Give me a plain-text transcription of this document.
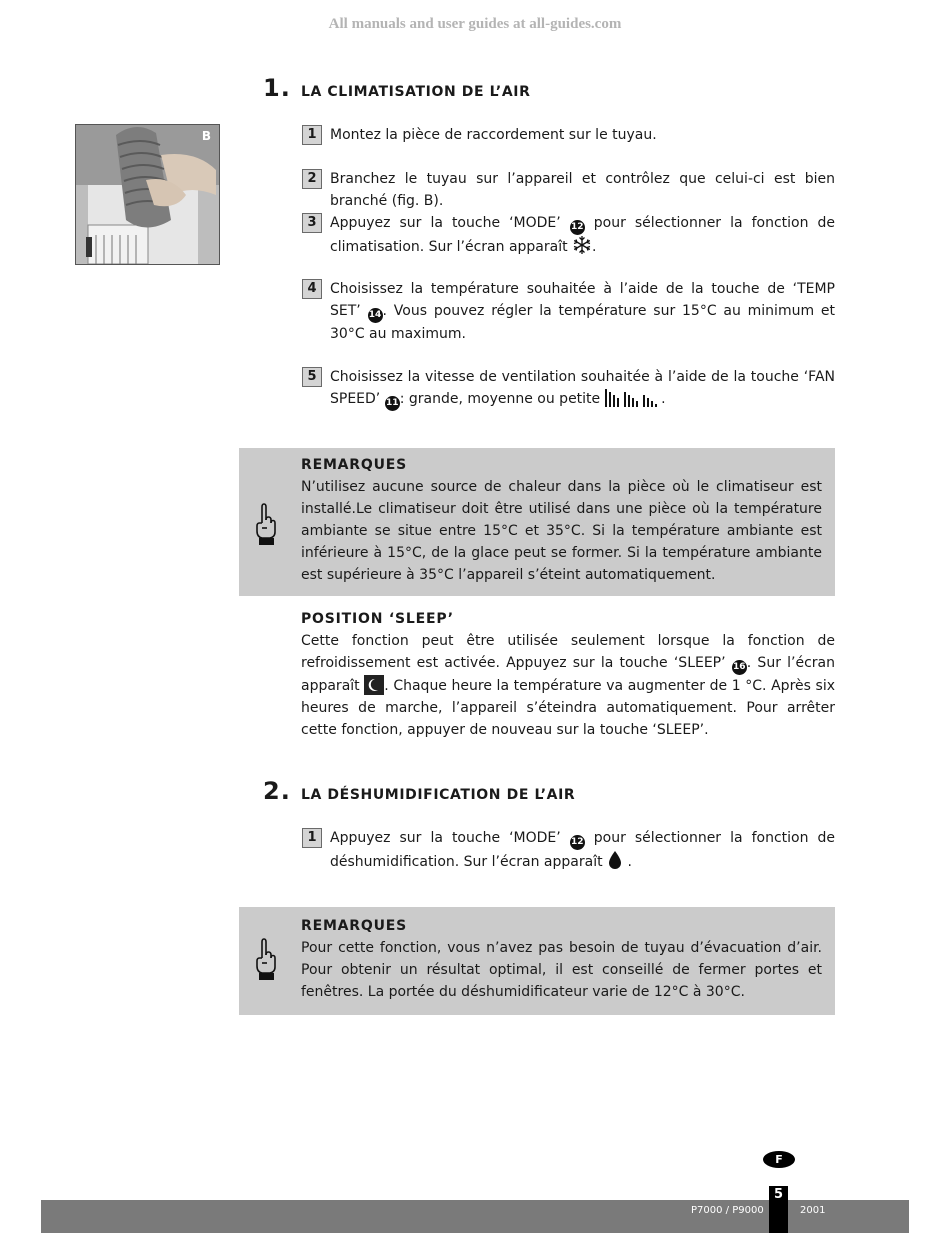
All manuals and user guides at all-guides.com
1. LA CLIMATISATION DE L’AIR
B	1 Montez la pièce de raccordement sur le tuyau.
2 Branchez le tuyau sur l’appareil et contrôlez que celui-ci est bien branché (fig. B).
3 Appuyez sur la touche ‘MODE’ 12 pour sélectionner la fonction de climatisation. Sur l’écran apparaît .
4 Choisissez la température souhaitée à l’aide de la touche de ‘TEMP SET’ 14. Vous pouvez régler la température sur 15°C au minimum et 30°C au maximum.
5 Choisissez la vitesse de ventilation souhaitée à l’aide de la touche ‘FAN SPEED’ 11: grande, moyenne ou petite	.
REMARQUES
N’utilisez aucune source de chaleur dans la pièce où le climatiseur est installé.Le climatiseur doit être utilisé dans une pièce où la température ambiante se situe entre 15°C et 35°C. Si la température ambiante est inférieure à 15°C, de la glace peut se former. Si la température ambiante est supérieure à 35°C l’appareil s’éteint automatiquement.
POSITION ‘SLEEP’
Cette fonction peut être utilisée seulement lorsque la fonction de refroidissement est activée. Appuyez sur la touche ‘SLEEP’ 16. Sur l’écran apparaît . Chaque heure la température va augmenter de 1 °C. Après six heures de marche, l’appareil s’éteindra automatiquement. Pour arrêter cette fonction, appuyer de nouveau sur la touche ‘SLEEP’.
2. LA DÉSHUMIDIFICATION DE L’AIR
1 Appuyez sur la touche ‘MODE’ 12 pour sélectionner la fonction de déshumidification. Sur l’écran apparaît .
REMARQUES
Pour cette fonction, vous n’avez pas besoin de tuyau d’évacuation d’air. Pour obtenir un résultat optimal, il est conseillé de fermer portes et fenêtres. La portée du déshumidificateur varie de 12°C à 30°C.
F
P7000 / P9000
5
2001
